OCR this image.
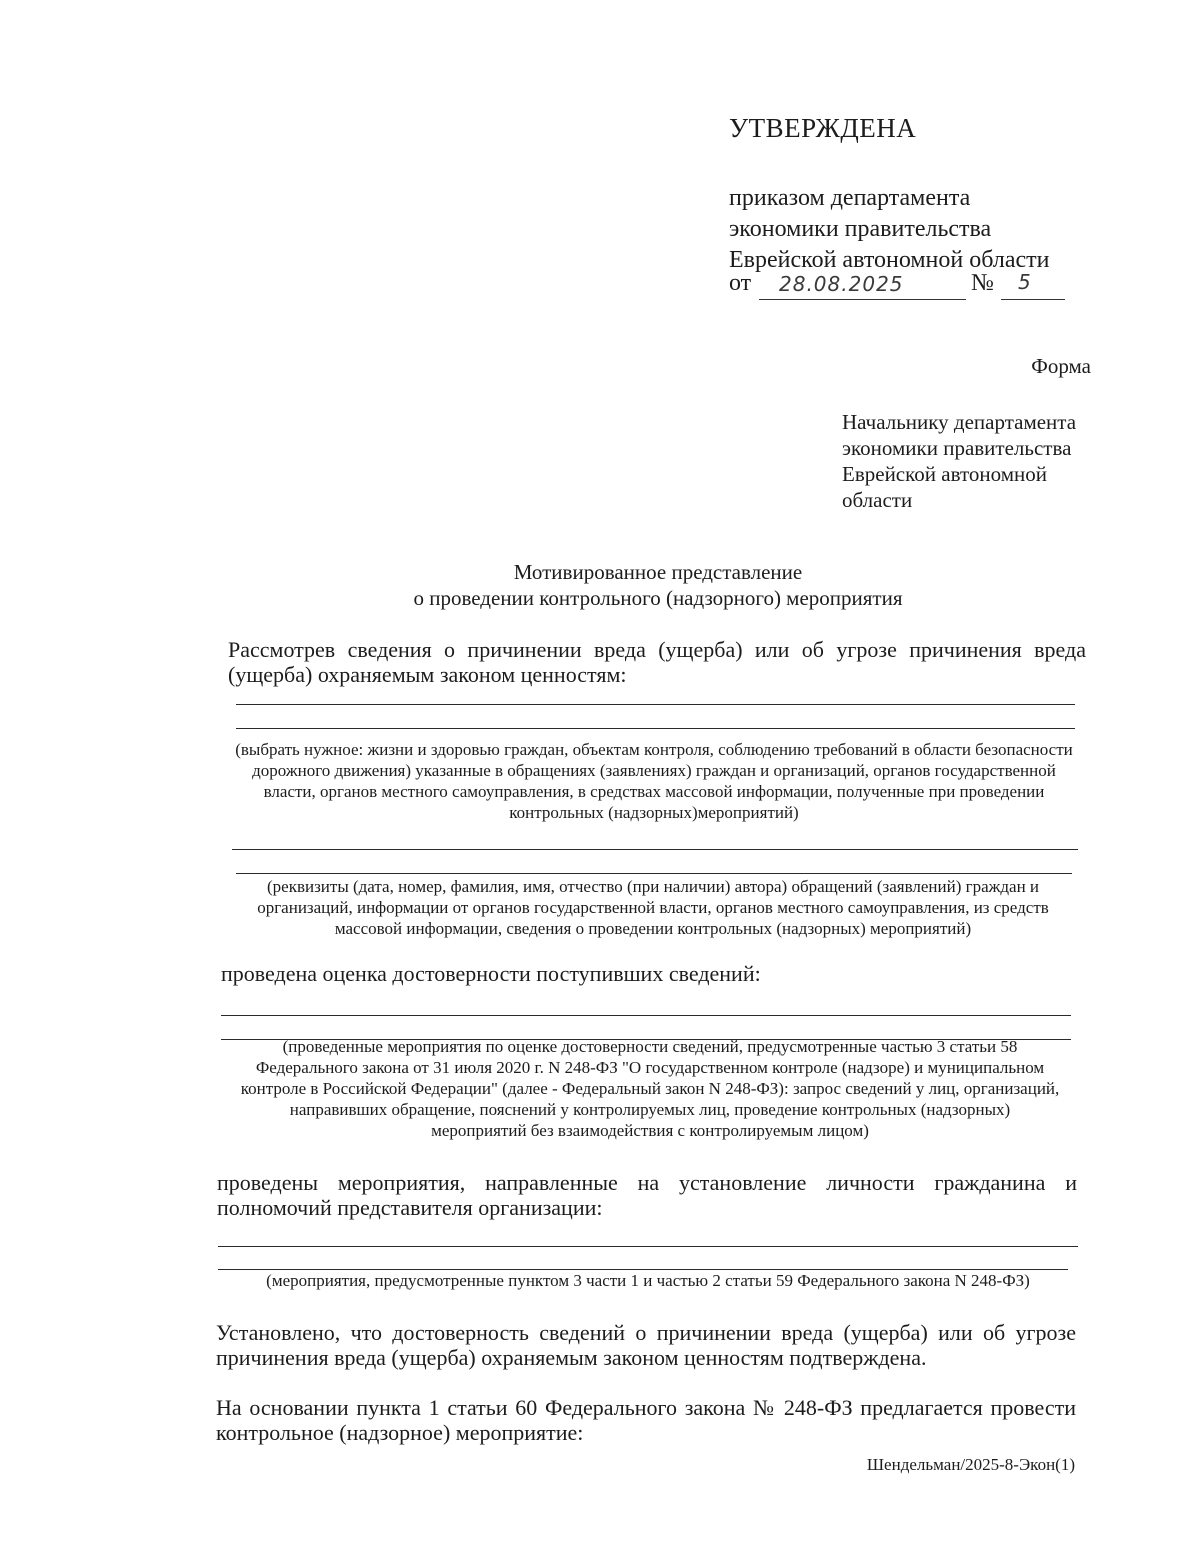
УТВЕРЖДЕНА
приказом департамента
экономики правительства
Еврейской автономной области
от 28.08.2025	№ 5
Форма
Начальнику департамента
экономики правительства
Еврейской автономной
области
Мотивированное представление
о проведении контрольного (надзорного) мероприятия
Рассмотрев сведения о причинении вреда (ущерба) или об угрозе причинения вреда (ущерба) охраняемым законом ценностям:
(выбрать нужное: жизни и здоровью граждан, объектам контроля, соблюдению требований в области безопасности дорожного движения) указанные в обращениях (заявлениях) граждан и организаций, органов государственной власти, органов местного самоуправления, в средствах массовой информации, полученные при проведении контрольных (надзорных)мероприятий)
(реквизиты (дата, номер, фамилия, имя, отчество (при наличии) автора) обращений (заявлений) граждан и организаций, информации от органов государственной власти, органов местного самоуправления, из средств массовой информации, сведения о проведении контрольных (надзорных) мероприятий)
проведена оценка достоверности поступивших сведений:
(проведенные мероприятия по оценке достоверности сведений, предусмотренные частью 3 статьи 58 Федерального закона от 31 июля 2020 г. N 248-ФЗ "О государственном контроле (надзоре) и муниципальном контроле в Российской Федерации" (далее - Федеральный закон N 248-ФЗ): запрос сведений у лиц, организаций, направивших обращение, пояснений у контролируемых лиц, проведение контрольных (надзорных) мероприятий без взаимодействия с контролируемым лицом)
проведены мероприятия, направленные на установление личности гражданина и полномочий представителя организации:
(мероприятия, предусмотренные пунктом 3 части 1 и частью 2 статьи 59 Федерального закона N 248-ФЗ)
Установлено, что достоверность сведений о причинении вреда (ущерба) или об угрозе причинения вреда (ущерба) охраняемым законом ценностям подтверждена.
На основании пункта 1 статьи 60 Федерального закона № 248-ФЗ предлагается провести контрольное (надзорное) мероприятие:
Шендельман/2025-8-Экон(1)
